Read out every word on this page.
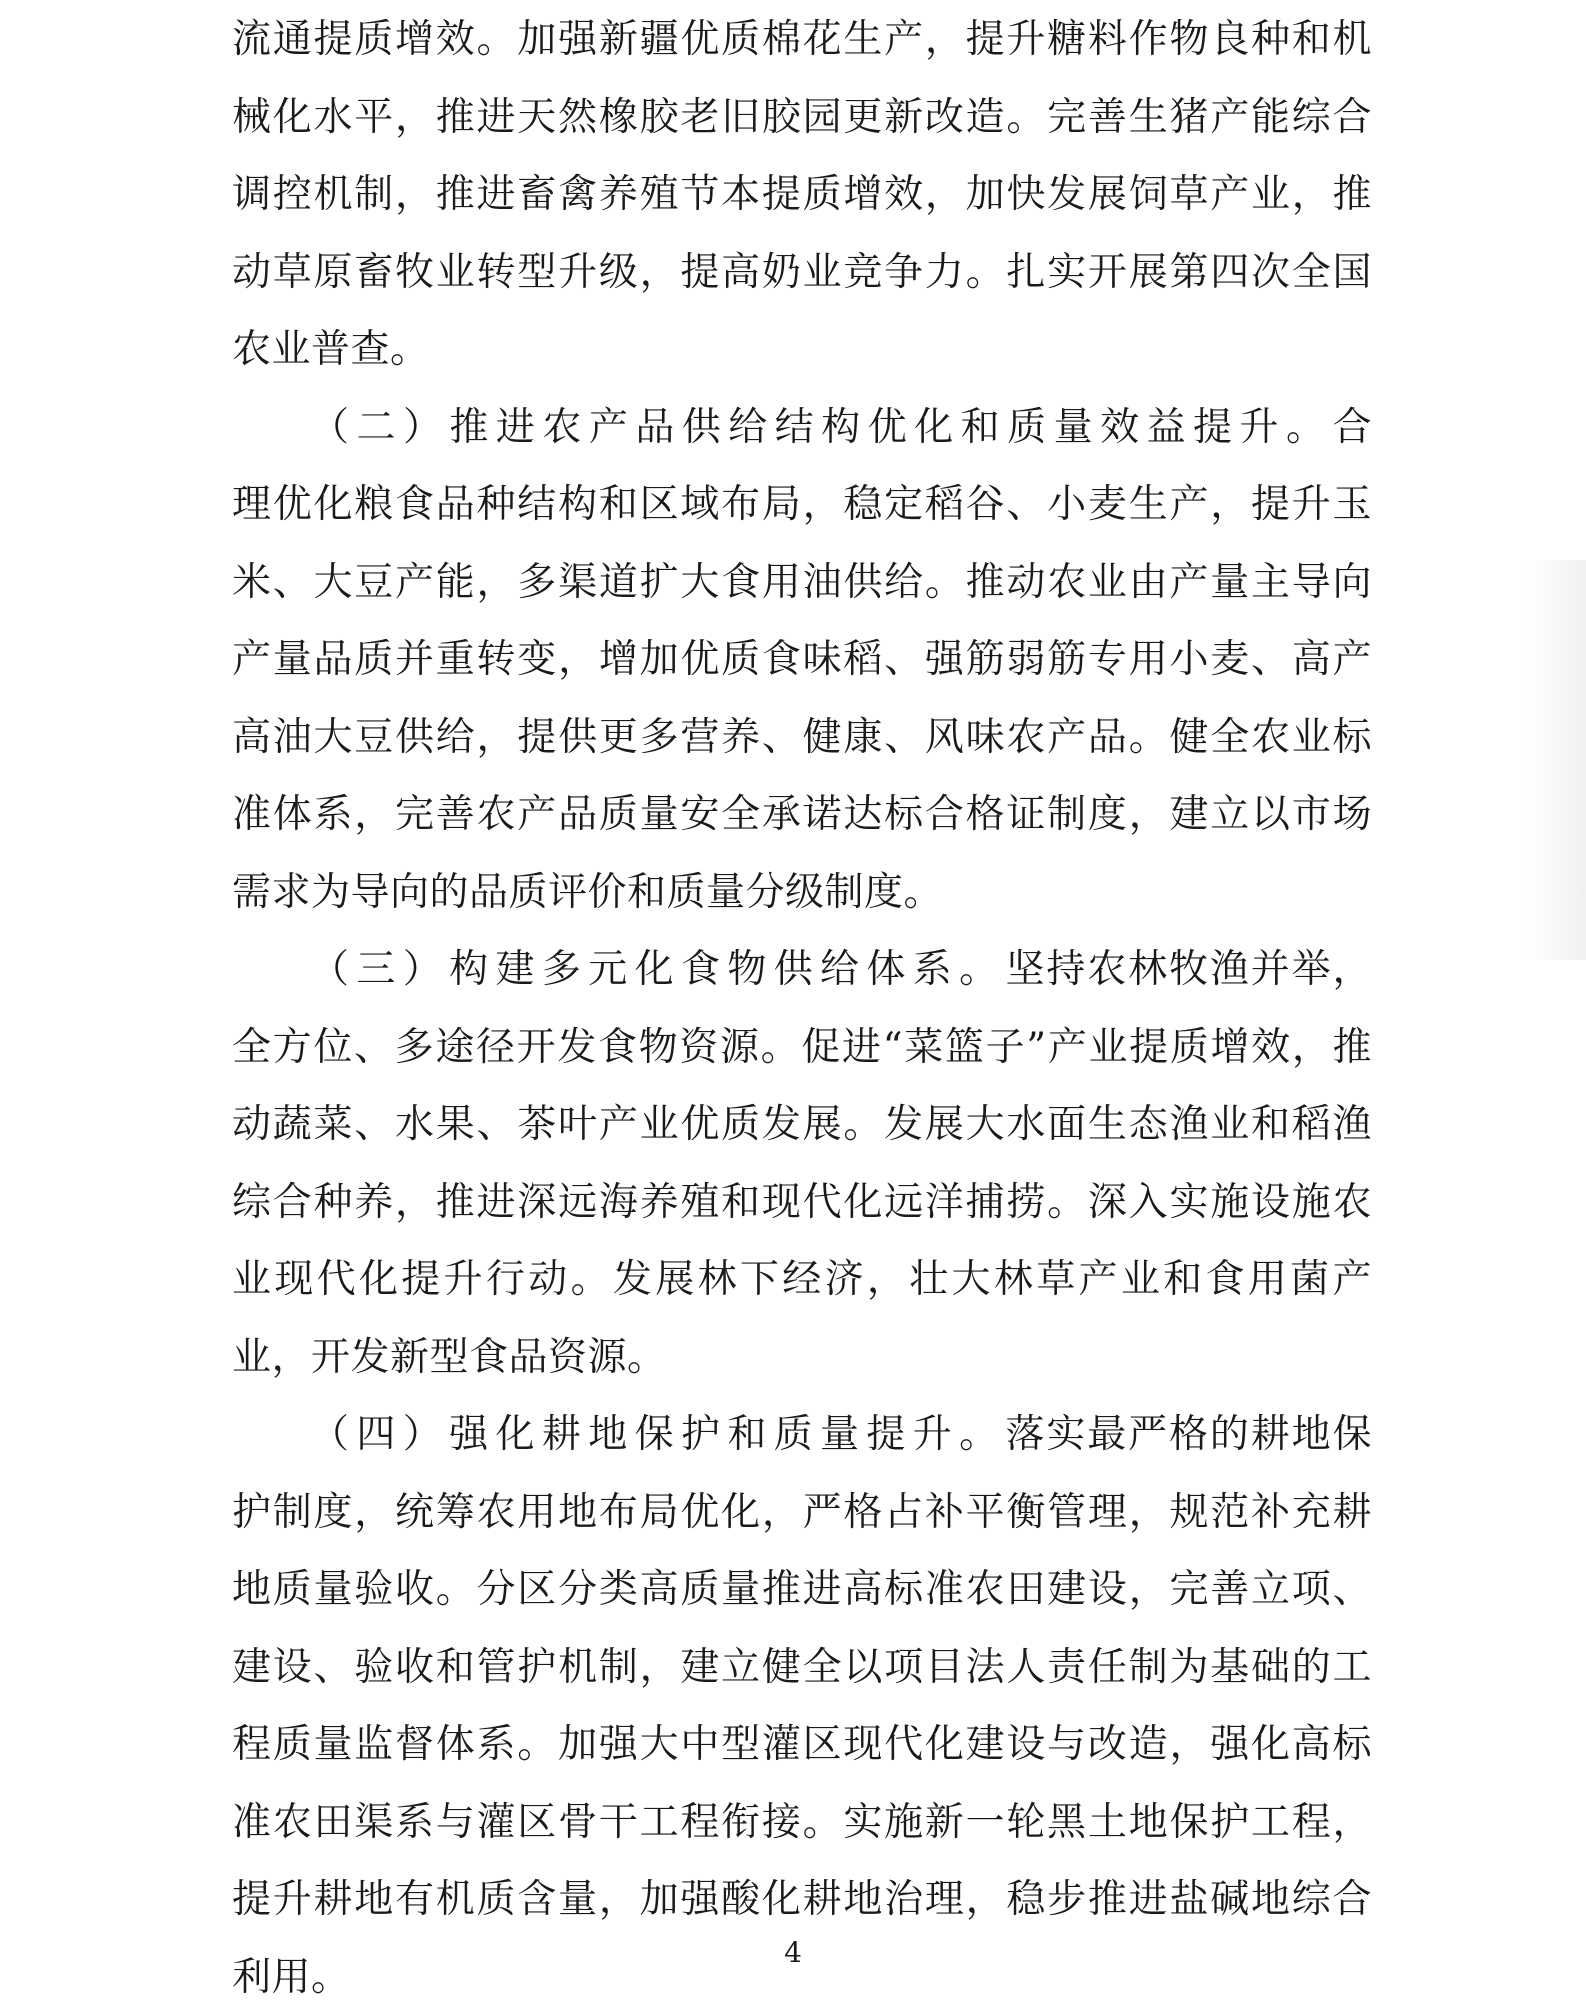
流通提质增效。加强新疆优质棉花生产，提升糖料作物良种和机械化水平，推进天然橡胶老旧胶园更新改造。完善生猪产能综合调控机制，推进畜禽养殖节本提质增效，加快发展饲草产业，推动草原畜牧业转型升级，提高奶业竞争力。扎实开展第四次全国农业普查。

（二）推进农产品供给结构优化和质量效益提升。合理优化粮食品种结构和区域布局，稳定稻谷、小麦生产，提升玉米、大豆产能，多渠道扩大食用油供给。推动农业由产量主导向产量品质并重转变，增加优质食味稻、强筋弱筋专用小麦、高产高油大豆供给，提供更多营养、健康、风味农产品。健全农业标准体系，完善农产品质量安全承诺达标合格证制度，建立以市场需求为导向的品质评价和质量分级制度。

（三）构建多元化食物供给体系。坚持农林牧渔并举，全方位、多途径开发食物资源。促进“菜篮子”产业提质增效，推动蔬菜、水果、茶叶产业优质发展。发展大水面生态渔业和稻渔综合种养，推进深远海养殖和现代化远洋捕捞。深入实施设施农业现代化提升行动。发展林下经济，壮大林草产业和食用菌产业，开发新型食品资源。

（四）强化耕地保护和质量提升。落实最严格的耕地保护制度，统筹农用地布局优化，严格占补平衡管理，规范补充耕地质量验收。分区分类高质量推进高标准农田建设，完善立项、建设、验收和管护机制，建立健全以项目法人责任制为基础的工程质量监督体系。加强大中型灌区现代化建设与改造，强化高标准农田渠系与灌区骨干工程衔接。实施新一轮黑土地保护工程，提升耕地有机质含量，加强酸化耕地治理，稳步推进盐碱地综合利用。

4
